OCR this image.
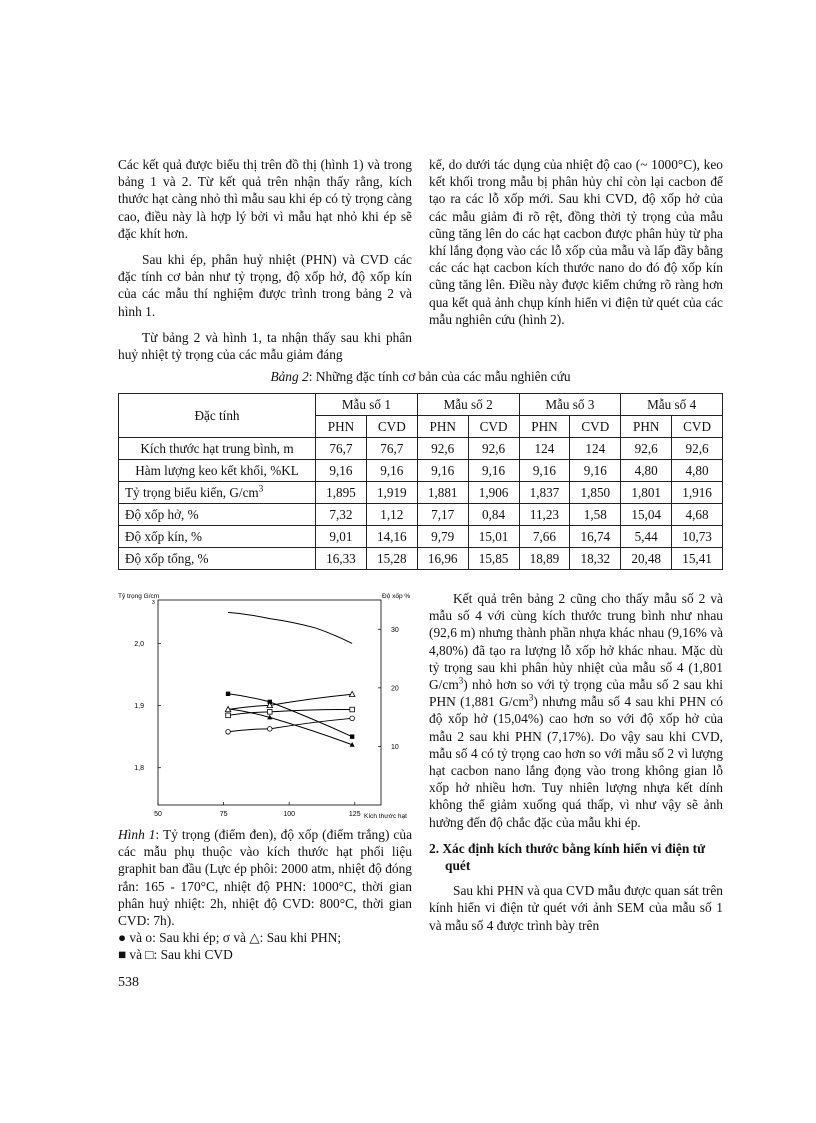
Các kết quả được biểu thị trên đồ thị (hình 1) và trong bảng 1 và 2. Từ kết quả trên nhận thấy rằng, kích thước hạt càng nhỏ thì mẫu sau khi ép có tỷ trọng càng cao, điều này là hợp lý bởi vì mẫu hạt nhỏ khi ép sẽ đặc khít hơn.

Sau khi ép, phân huỷ nhiệt (PHN) và CVD các đặc tính cơ bản như tỷ trọng, độ xốp hở, độ xốp kín của các mẫu thí nghiệm được trình trong bảng 2 và hình 1.

Từ bảng 2 và hình 1, ta nhận thấy sau khi phân huỷ nhiệt tỷ trọng của các mẫu giảm đáng

kể, do dưới tác dụng của nhiệt độ cao (~ 1000°C), keo kết khối trong mẫu bị phân hủy chỉ còn lại cacbon để tạo ra các lỗ xốp mới. Sau khi CVD, độ xốp hở của các mẫu giảm đi rõ rệt, đồng thời tỷ trọng của mẫu cũng tăng lên do các hạt cacbon được phân hủy từ pha khí lắng đọng vào các lỗ xốp của mẫu và lấp đầy bằng các các hạt cacbon kích thước nano do đó độ xốp kín cũng tăng lên. Điều này được kiểm chứng rõ ràng hơn qua kết quả ảnh chụp kính hiển vi điện tử quét của các mẫu nghiên cứu (hình 2).

Bảng 2: Những đặc tính cơ bản của các mẫu nghiên cứu
Đặc tính	Mẫu số 1		Mẫu số 2		Mẫu số 3		Mẫu số 4	
	PHN	CVD	PHN	CVD	PHN	CVD	PHN	CVD
Kích thước hạt trung bình, m	76,7	76,7	92,6	92,6	124	124	92,6	92,6
Hàm lượng keo kết khối, %KL	9,16	9,16	9,16	9,16	9,16	9,16	4,80	4,80
Tỷ trọng biểu kiến, $G/cm^3$	1,895	1,919	1,881	1,906	1,837	1,850	1,801	1,916
Độ xốp hở, %	7,32	1,12	7,17	0,84	11,23	1,58	15,04	4,68
Độ xốp kín, %	9,01	14,16	9,79	15,01	7,66	16,74	5,44	10,73
Độ xốp tổng, %	16,33	15,28	16,96	15,85	18,89	18,32	20,48	15,41
Tỷ trọng G/cm
3
Độ xốp %
Kích thước hạt
50	75	100	125
2,0
1,9
1,8
30
20
10

Hình 1: Tỷ trọng (điểm đen), độ xốp (điểm trắng) của các mẫu phụ thuộc vào kích thước hạt phối liệu graphit ban đầu (Lực ép phôi: 2000 atm, nhiệt độ đóng rắn: 165 - 170°C, nhiệt độ PHN: 1000°C, thời gian phân huỷ nhiệt: 2h, nhiệt độ CVD: 800°C, thời gian CVD: 7h).

● và o: Sau khi ép; σ và △: Sau khi PHN;

■ và □: Sau khi CVD

Kết quả trên bảng 2 cũng cho thấy mẫu số 2 và mẫu số 4 với cùng kích thước trung bình như nhau (92,6 m) nhưng thành phần nhựa khác nhau (9,16% và 4,80%) đã tạo ra lượng lỗ xốp hở khác nhau. Mặc dù tỷ trọng sau khi phân hủy nhiệt của mẫu số 4 (1,801 $G/cm^3$) nhỏ hơn so với tỷ trọng của mẫu số 2 sau khi PHN (1,881 $G/cm^3$) nhưng mẫu số 4 sau khi PHN có độ xốp hở (15,04%) cao hơn so với độ xốp hở của mẫu 2 sau khi PHN (7,17%). Do vậy sau khi CVD, mẫu số 4 có tỷ trọng cao hơn so với mẫu số 2 vì lượng hạt cacbon nano lắng đọng vào trong không gian lỗ xốp hở nhiều hơn. Tuy nhiên lượng nhựa kết dính không thể giảm xuống quá thấp, vì như vậy sẽ ảnh hưởng đến độ chắc đặc của mẫu khi ép.

2. Xác định kích thước bằng kính hiển vi điện tử quét

Sau khi PHN và qua CVD mẫu được quan sát trên kính hiển vi điện tử quét với ảnh SEM của mẫu số 1 và mẫu số 4 được trình bày trên

538
